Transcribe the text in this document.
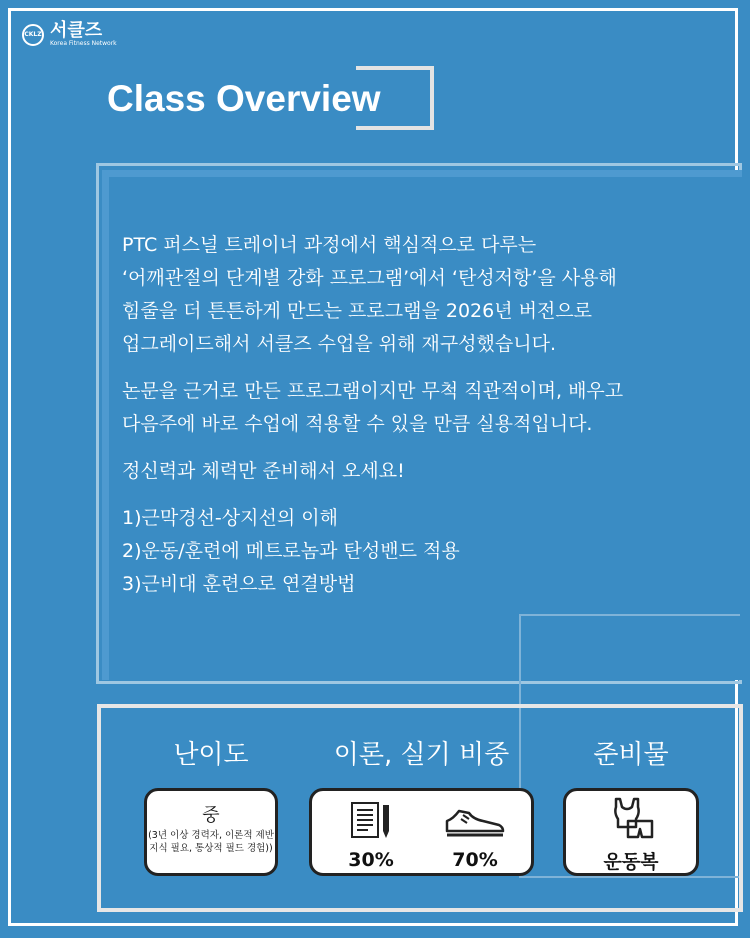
CKLZ 서클즈
Korea Fitness Network
Class Overview

PTC 퍼스널 트레이너 과정에서 핵심적으로 다루는
‘어깨관절의 단계별 강화 프로그램’에서 ‘탄성저항’을 사용해
힘줄을 더 튼튼하게 만드는 프로그램을 2026년 버전으로
업그레이드해서 서클즈 수업을 위해 재구성했습니다.

논문을 근거로 만든 프로그램이지만 무척 직관적이며, 배우고
다음주에 바로 수업에 적용할 수 있을 만큼 실용적입니다.

정신력과 체력만 준비해서 오세요!

1)근막경선-상지선의 이해
2)운동/훈련에 메트로놈과 탄성밴드 적용
3)근비대 훈련으로 연결방법

난이도	이론, 실기 비중	준비물
중
(3년 이상 경력자, 이론적 제반
지식 필요, 통상적 필드 경험))
30%	70%	운동복
